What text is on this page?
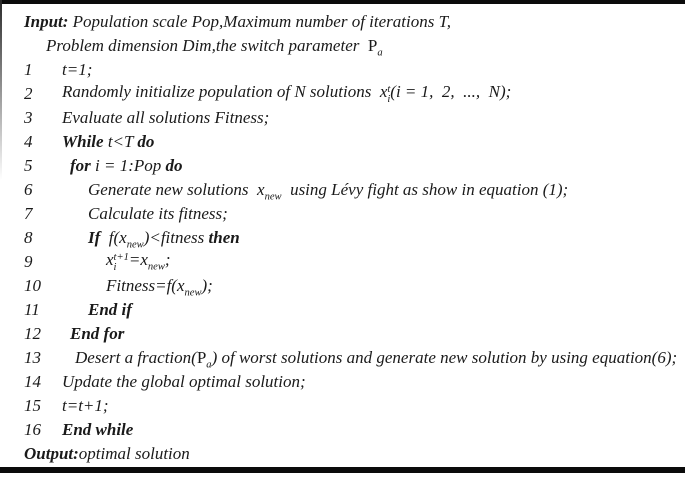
Input: Population scale Pop,Maximum number of iterations T,
Problem dimension Dim,the switch parameter  $P_a$
1	t=1;
2	Randomly initialize population of N solutions  x t
i (i = 1,  2,  ...,  N);
3	Evaluate all solutions Fitness;
4	While t<T do
5	for i = 1:Pop do
6	Generate new solutions  $x_{new}$  using Lévy fight as show in equation (1);
7	Calculate its fitness;
8	If  $f(x_{new})<fitness$ then
9	x t+1
$i =x_{new}$;
10	$Fitness=f(x_{new})$;
11	End if
12	End for
13	Desert a $fraction(P_a)$ of worst solutions and generate new solution by using equation(6);
14	Update the global optimal solution;
15	t=t+1;
16	End while
Output:optimal solution
